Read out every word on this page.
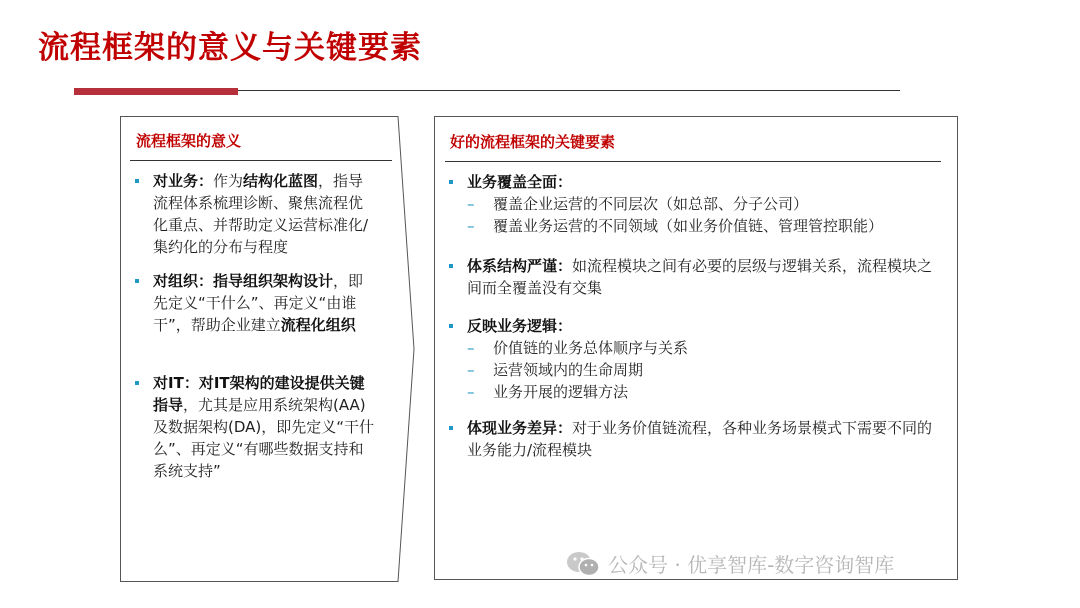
流程框架的意义与关键要素
流程框架的意义
对业务：作为结构化蓝图，指导流程体系梳理诊断、聚焦流程优化重点、并帮助定义运营标准化/集约化的分布与程度
对组织：指导组织架构设计，即先定义“干什么”、再定义“由谁干”，帮助企业建立流程化组织
对IT：对IT架构的建设提供关键指导，尤其是应用系统架构(AA)及数据架构(DA)，即先定义“干什么”、再定义“有哪些数据支持和系统支持”
好的流程框架的关键要素
业务覆盖全面：
– 覆盖企业运营的不同层次（如总部、分子公司）
– 覆盖业务运营的不同领域（如业务价值链、管理管控职能）
体系结构严谨：如流程模块之间有必要的层级与逻辑关系，流程模块之间而全覆盖没有交集
反映业务逻辑：
– 价值链的业务总体顺序与关系
– 运营领域内的生命周期
– 业务开展的逻辑方法
体现业务差异：对于业务价值链流程，各种业务场景模式下需要不同的业务能力/流程模块
公众号 · 优享智库-数字咨询智库
